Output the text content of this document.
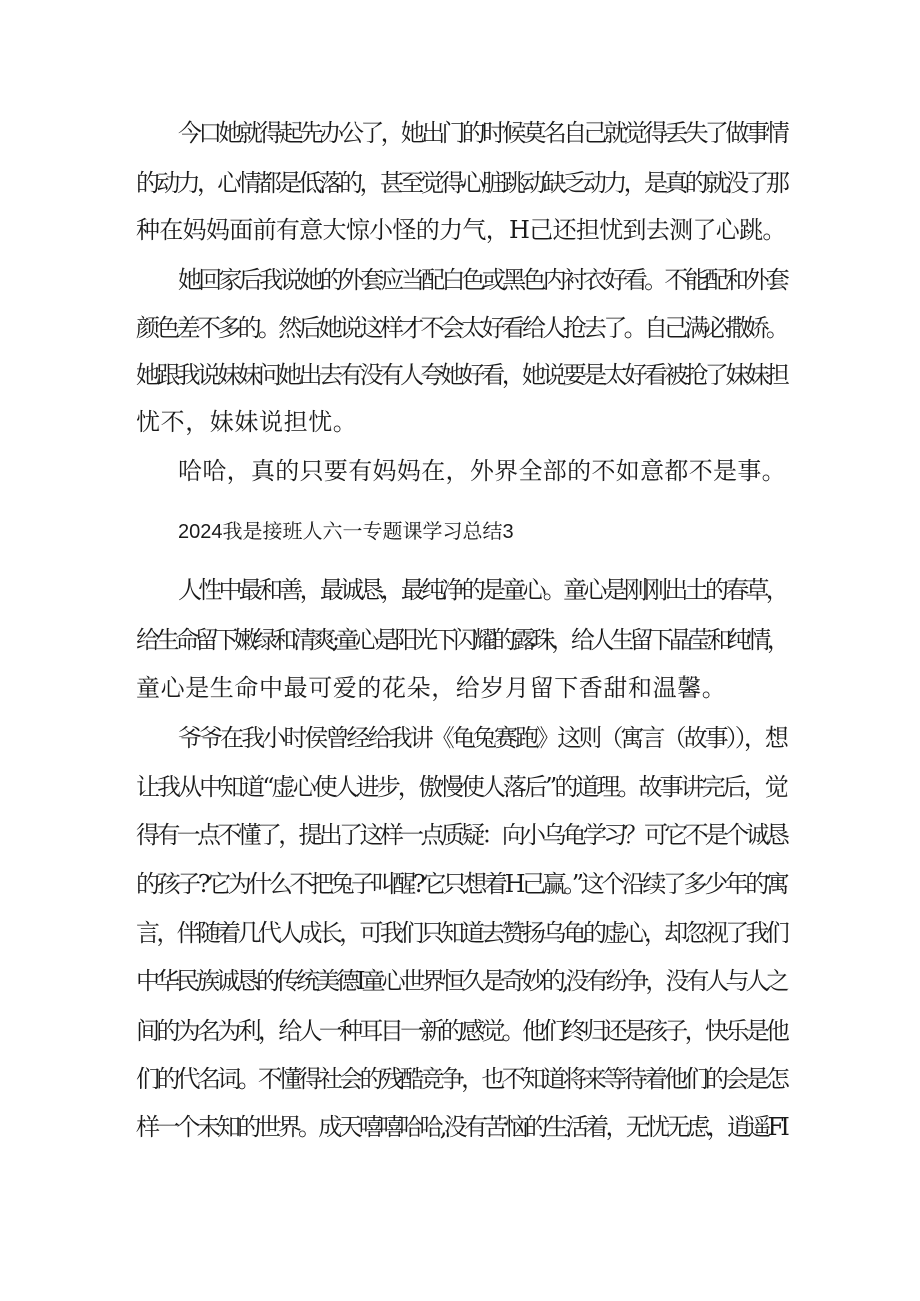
今口她就得起先办公了，她出门的时候莫名自己就觉得丢失了做事情
的动力，心情都是低落的，甚至觉得心脏跳动缺乏动力，是真的就没了那
种在妈妈面前有意大惊小怪的力气，H己还担忧到去测了心跳。
她回家后我说她的外套应当配白色或黑色内衬衣好看。不能配和外套
颜色差不多的。然后她说这样才不会太好看给人抢去了。自己满必撒娇。
她跟我说妹妹问她出去有没有人夸她好看，她说要是太好看被抢了妹妹担
忧不，妹妹说担忧。
哈哈，真的只要有妈妈在，外界全部的不如意都不是事。
2024我是接班人六一专题课学习总结3
人性中最和善，最诚恳，最纯净的是童心。童心是刚刚出土的春草，
给生命留下嫩绿和清爽;童心是阳光下闪耀的露珠，给人生留下晶莹和纯情，
童心是生命中最可爱的花朵，给岁月留下香甜和温馨。
爷爷在我小时侯曾经给我讲《龟兔赛跑》这则（寓言（故事）），想
让我从中知道“虚心使人进步，傲慢使人落后”的道理。故事讲完后，觉
得有一点不懂了，提出了这样一点质疑：向小乌龟学习？可它不是个诚恳
的孩子?它为什么不把兔子叫醒?它只想着H己赢。”这个沿续了多少年的寓
言，伴随着几代人成长，可我们只知道去赞扬乌龟的虚心，却忽视了我们
中华民族诚恳的传统美德I童心世界恒久是奇妙的,没有纷争，没有人与人之
间的为名为利，给人一种耳目一新的感觉。他们终归还是孩子，快乐是他
们的代名词。不懂得社会的残酷竞争，也不知道将来等待着他们的会是怎
样一个未知的世界。成天嘻嘻哈哈,没有苦恼的生活着，无忧无虑，逍遥FI
